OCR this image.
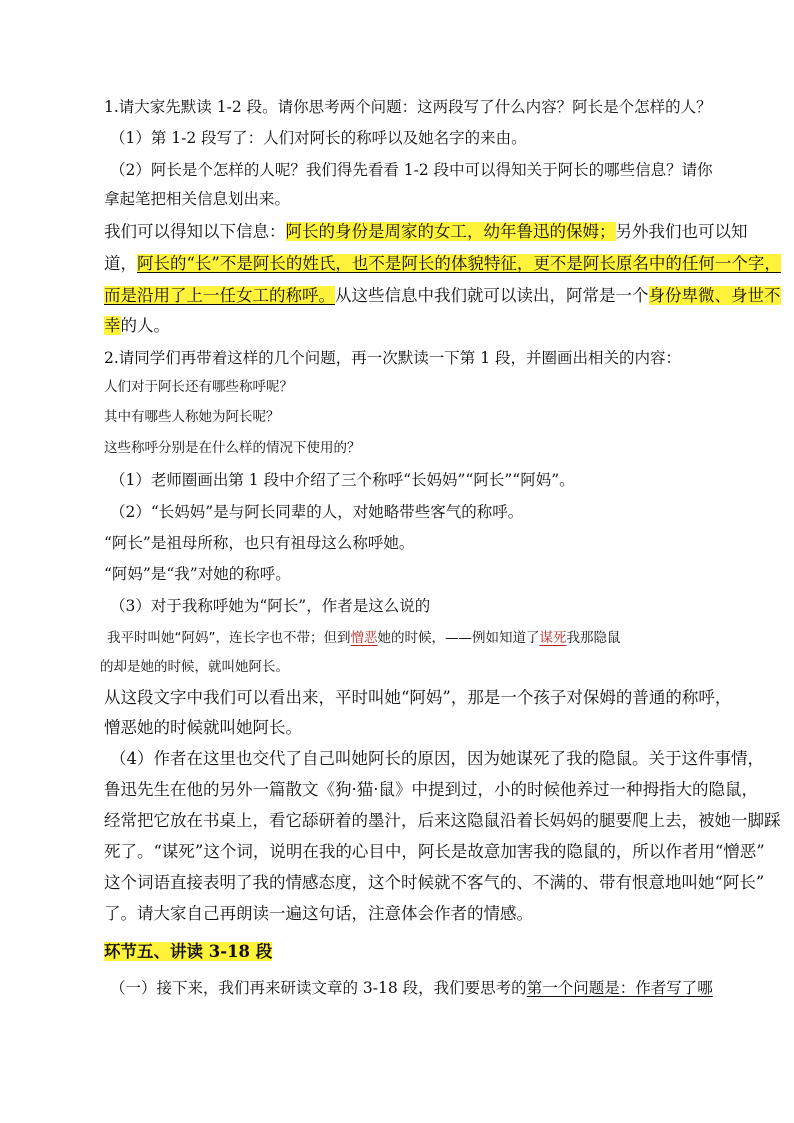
1.请大家先默读 1-2 段。请你思考两个问题：这两段写了什么内容？阿长是个怎样的人？
（1）第 1-2 段写了：人们对阿长的称呼以及她名字的来由。
（2）阿长是个怎样的人呢？我们得先看看 1-2 段中可以得知关于阿长的哪些信息？请你
拿起笔把相关信息划出来。
我们可以得知以下信息：阿长的身份是周家的女工，幼年鲁迅的保姆；另外我们也可以知
道，阿长的“长”不是阿长的姓氏，也不是阿长的体貌特征，更不是阿长原名中的任何一个字，
而是沿用了上一任女工的称呼。从这些信息中我们就可以读出，阿常是一个身份卑微、身世不
幸的人。
2.请同学们再带着这样的几个问题，再一次默读一下第 1 段，并圈画出相关的内容：
人们对于阿长还有哪些称呼呢？
其中有哪些人称她为阿长呢？
这些称呼分别是在什么样的情况下使用的？
（1）老师圈画出第 1 段中介绍了三个称呼“长妈妈”“阿长”“阿妈”。
（2）“长妈妈”是与阿长同辈的人，对她略带些客气的称呼。
“阿长”是祖母所称，也只有祖母这么称呼她。
“阿妈”是“我”对她的称呼。
（3）对于我称呼她为“阿长”，作者是这么说的
我平时叫她“阿妈”，连长字也不带；但到憎恶她的时候，——例如知道了谋死我那隐鼠
的却是她的时候，就叫她阿长。
从这段文字中我们可以看出来，平时叫她“阿妈”，那是一个孩子对保姆的普通的称呼，
憎恶她的时候就叫她阿长。
（4）作者在这里也交代了自己叫她阿长的原因，因为她谋死了我的隐鼠。关于这件事情，
鲁迅先生在他的另外一篇散文《狗·猫·鼠》中提到过，小的时候他养过一种拇指大的隐鼠，
经常把它放在书桌上，看它舔研着的墨汁，后来这隐鼠沿着长妈妈的腿要爬上去，被她一脚踩
死了。“谋死”这个词，说明在我的心目中，阿长是故意加害我的隐鼠的，所以作者用“憎恶”
这个词语直接表明了我的情感态度，这个时候就不客气的、不满的、带有恨意地叫她“阿长”
了。请大家自己再朗读一遍这句话，注意体会作者的情感。
环节五、讲读 3-18 段
（一）接下来，我们再来研读文章的 3-18 段，我们要思考的第一个问题是：作者写了哪
